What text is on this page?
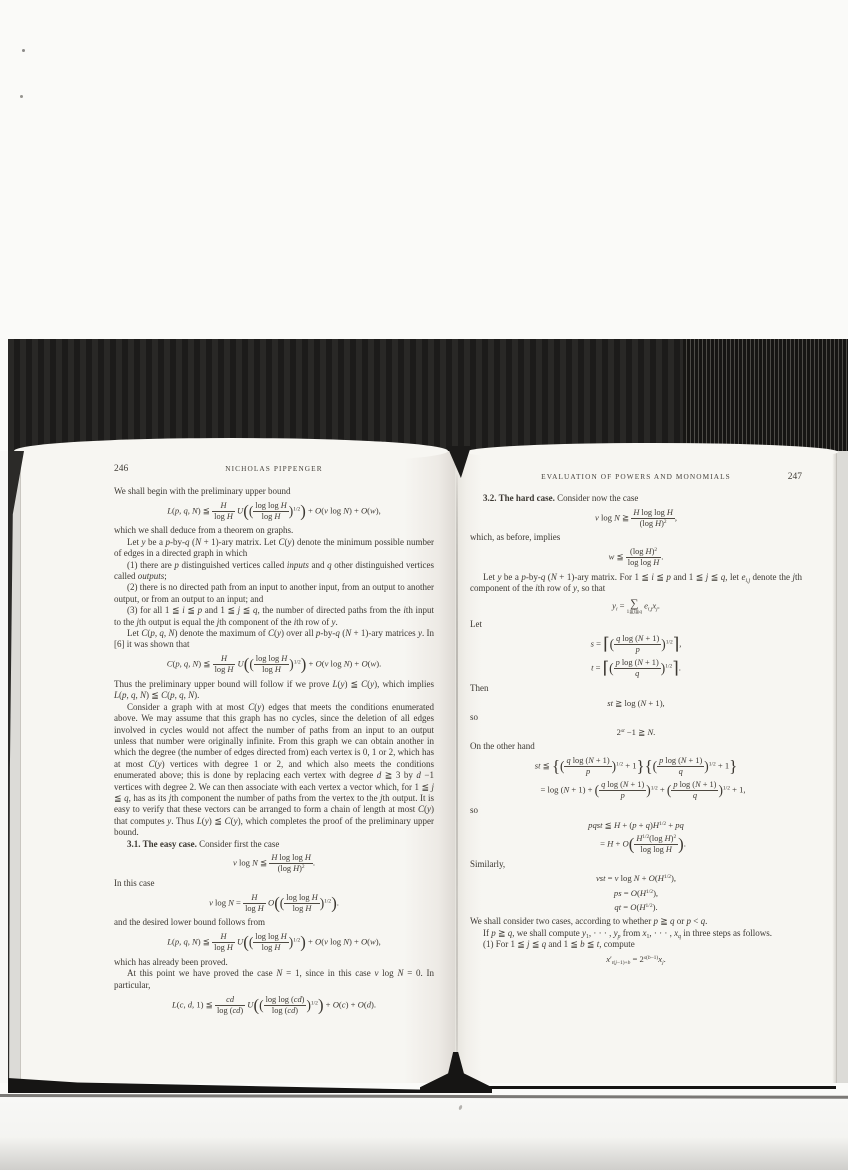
246	NICHOLAS PIPPENGER
We shall begin with the preliminary upper bound
L(p, q, N) ≦ $\frac{H}{\text{log H}} U(( \frac{\text{log log H}}{\text{log H}} )^{1/2}) + O(v$ log N) + O(w),
which we shall deduce from a theorem on graphs.
Let y be a p-by-q (N + 1)-ary matrix. Let C(y) denote the minimum possible number of edges in a directed graph in which
(1) there are p distinguished vertices called inputs and q other distinguished vertices called outputs;
(2) there is no directed path from an input to another input, from an output to another output, or from an output to an input; and
(3) for all 1 ≦ i ≦ p and 1 ≦ j ≦ q, the number of directed paths from the ith input to the jth output is equal the jth component of the ith row of y.
Let C(p, q, N) denote the maximum of C(y) over all p-by-q (N + 1)-ary matrices y. In [6] it was shown that
C(p, q, N) ≦ $\frac{H}{\text{log H}} U(( \frac{\text{log log H}}{\text{log H}} )^{1/2}) + O(v$ log N) + O(w).
Thus the preliminary upper bound will follow if we prove L(y) ≦ C(y), which implies L(p, q, N) ≦ C(p, q, N).
Consider a graph with at most C(y) edges that meets the conditions enumerated above. We may assume that this graph has no cycles, since the deletion of all edges involved in cycles would not affect the number of paths from an input to an output unless that number were originally infinite. From this graph we can obtain another in which the degree (the number of edges directed from) each vertex is 0, 1 or 2, which has at most C(y) vertices with degree 1 or 2, and which also meets the conditions enumerated above; this is done by replacing each vertex with degree d ≧ 3 by d −1 vertices with degree 2. We can then associate with each vertex a vector which, for 1 ≦ j ≦ q, has as its jth component the number of paths from the vertex to the jth output. It is easy to verify that these vectors can be arranged to form a chain of length at most C(y) that computes y. Thus L(y) ≦ C(y), which completes the proof of the preliminary upper bound.
3.1. The easy case. Consider first the case
v log N ≦ $\frac{\text{H log log H}}{(\log H)^2}$ .
In this case
v $\log N = \frac{H}{\text{log H}} O(( \frac{\text{log log H}}{\text{log H}} )^{1/2})$.
and the desired lower bound follows from
L(p, q, N) ≦ $\frac{H}{\text{log H}} U(( \frac{\text{log log H}}{\text{log H}} )^{1/2}) + O(v$ log N) + O(w),
which has already been proved.
At this point we have proved the case N = 1, since in this case v log N = 0. In particular,
L(c, d, 1) ≦ $\frac{cd}{\log (cd)} U(( \frac{\text{log log (cd)}}{\log (cd)} )^{1/2}) + O(c) + O(d)$.
EVALUATION OF POWERS AND MONOMIALS	247
3.2. The hard case. Consider now the case
v log N ≧ $\frac{\text{H log log H}}{(\log H)^2}$ ,
which, as before, implies
w ≦ $\frac{(\log H)^2}{\text{log log H}}$ .
Let y be a p-by-q (N + 1)-ary matrix. For 1 ≦ i ≦ p and 1 ≦ j ≦ q, let $e_{i,j}$ denote the jth component of the ith row of y, so that
$y_i$ = ∑
1≦j≦q
$e_{i,j}x_j$.
Let
s = ⌈( $\frac{\text{q log (N + 1)}}{p}$ )$^{1/2}$⌉,
t = ⌈( $\frac{\text{p log (N + 1)}}{q}$ )$^{1/2}$⌉.
Then
st ≧ log (N + 1),
so
2st −1 ≧ N.
On the other hand
st ≦ {( $\frac{\text{q log (N + 1)}}{p} )^{1/2} + 1\}\{( \frac{\text{p log (N + 1)}}{q} )^{1/2} + 1\}$
= log (N + 1) + ( $\frac{\text{q log (N + 1)}}{p} )^{1/2}$ + ( $\frac{\text{p log (N + 1)}}{q} )^{1/2} + 1$,
so
pqst ≦ $H + (p + q)H^{1/2}$ + pq
= $H + O( \frac{H^{1/2}(\log H)^2}{\text{log log H}}$ ).
Similarly,
vst = v $\log N + O(H^{1/2})$,
ps = $O(H^{1/2})$,
qt = $O(H^{1/2})$.
We shall consider two cases, according to whether p ≧ q or p < q.
If p ≧ q, we shall compute $y_1$, · · · , $y_p$ from $x_1$, · · · , $x_q$ in three steps as follows.
(1) For 1 ≦ j ≦ q and 1 ≦ b ≦ t, compute
$x'_{t(j-1)+b} = 2^{s(b-1)}x_j$.
